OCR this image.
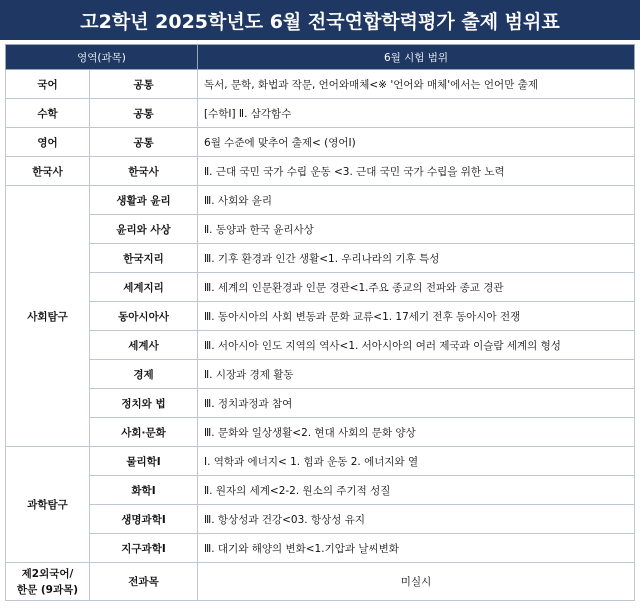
고2학년 2025학년도 6월 전국연합학력평가 출제 범위표
영역(과목)		6월 시험 범위
국어	공통	독서, 문학, 화법과 작문, 언어와매체<※ '언어와 매체'에서는 언어만 출제
수학	공통	[수학Ⅰ] Ⅱ. 삼각함수
영어	공통	6월 수준에 맞추어 출제< (영어Ⅰ)
한국사	한국사	Ⅱ. 근대 국민 국가 수립 운동 <3. 근대 국민 국가 수립을 위한 노력
사회탐구	생활과 윤리	Ⅲ. 사회와 윤리
	윤리와 사상	Ⅱ. 동양과 한국 윤리사상
	한국지리	Ⅲ. 기후 환경과 인간 생활<1. 우리나라의 기후 특성
	세계지리	Ⅲ. 세계의 인문환경과 인문 경관<1.주요 종교의 전파와 종교 경관
	동아시아사	Ⅲ. 동아시아의 사회 변동과 문화 교류<1. 17세기 전후 동아시아 전쟁
	세계사	Ⅲ. 서아시아 인도 지역의 역사<1. 서아시아의 여러 제국과 이슬람 세계의 형성
	경제	Ⅱ. 시장과 경제 활동
	정치와 법	Ⅲ. 정치과정과 참여
	사회·문화	Ⅲ. 문화와 일상생활<2. 현대 사회의 문화 양상
과학탐구	물리학Ⅰ	Ⅰ. 역학과 에너지< 1. 힘과 운동 2. 에너지와 열
	화학Ⅰ	Ⅱ. 원자의 세계<2-2. 원소의 주기적 성질
	생명과학Ⅰ	Ⅲ. 항상성과 건강<03. 항상성 유지
	지구과학Ⅰ	Ⅲ. 대기와 해양의 변화<1.기압과 날씨변화

제2외국어/
한문 (9과목)	전과목	미실시
